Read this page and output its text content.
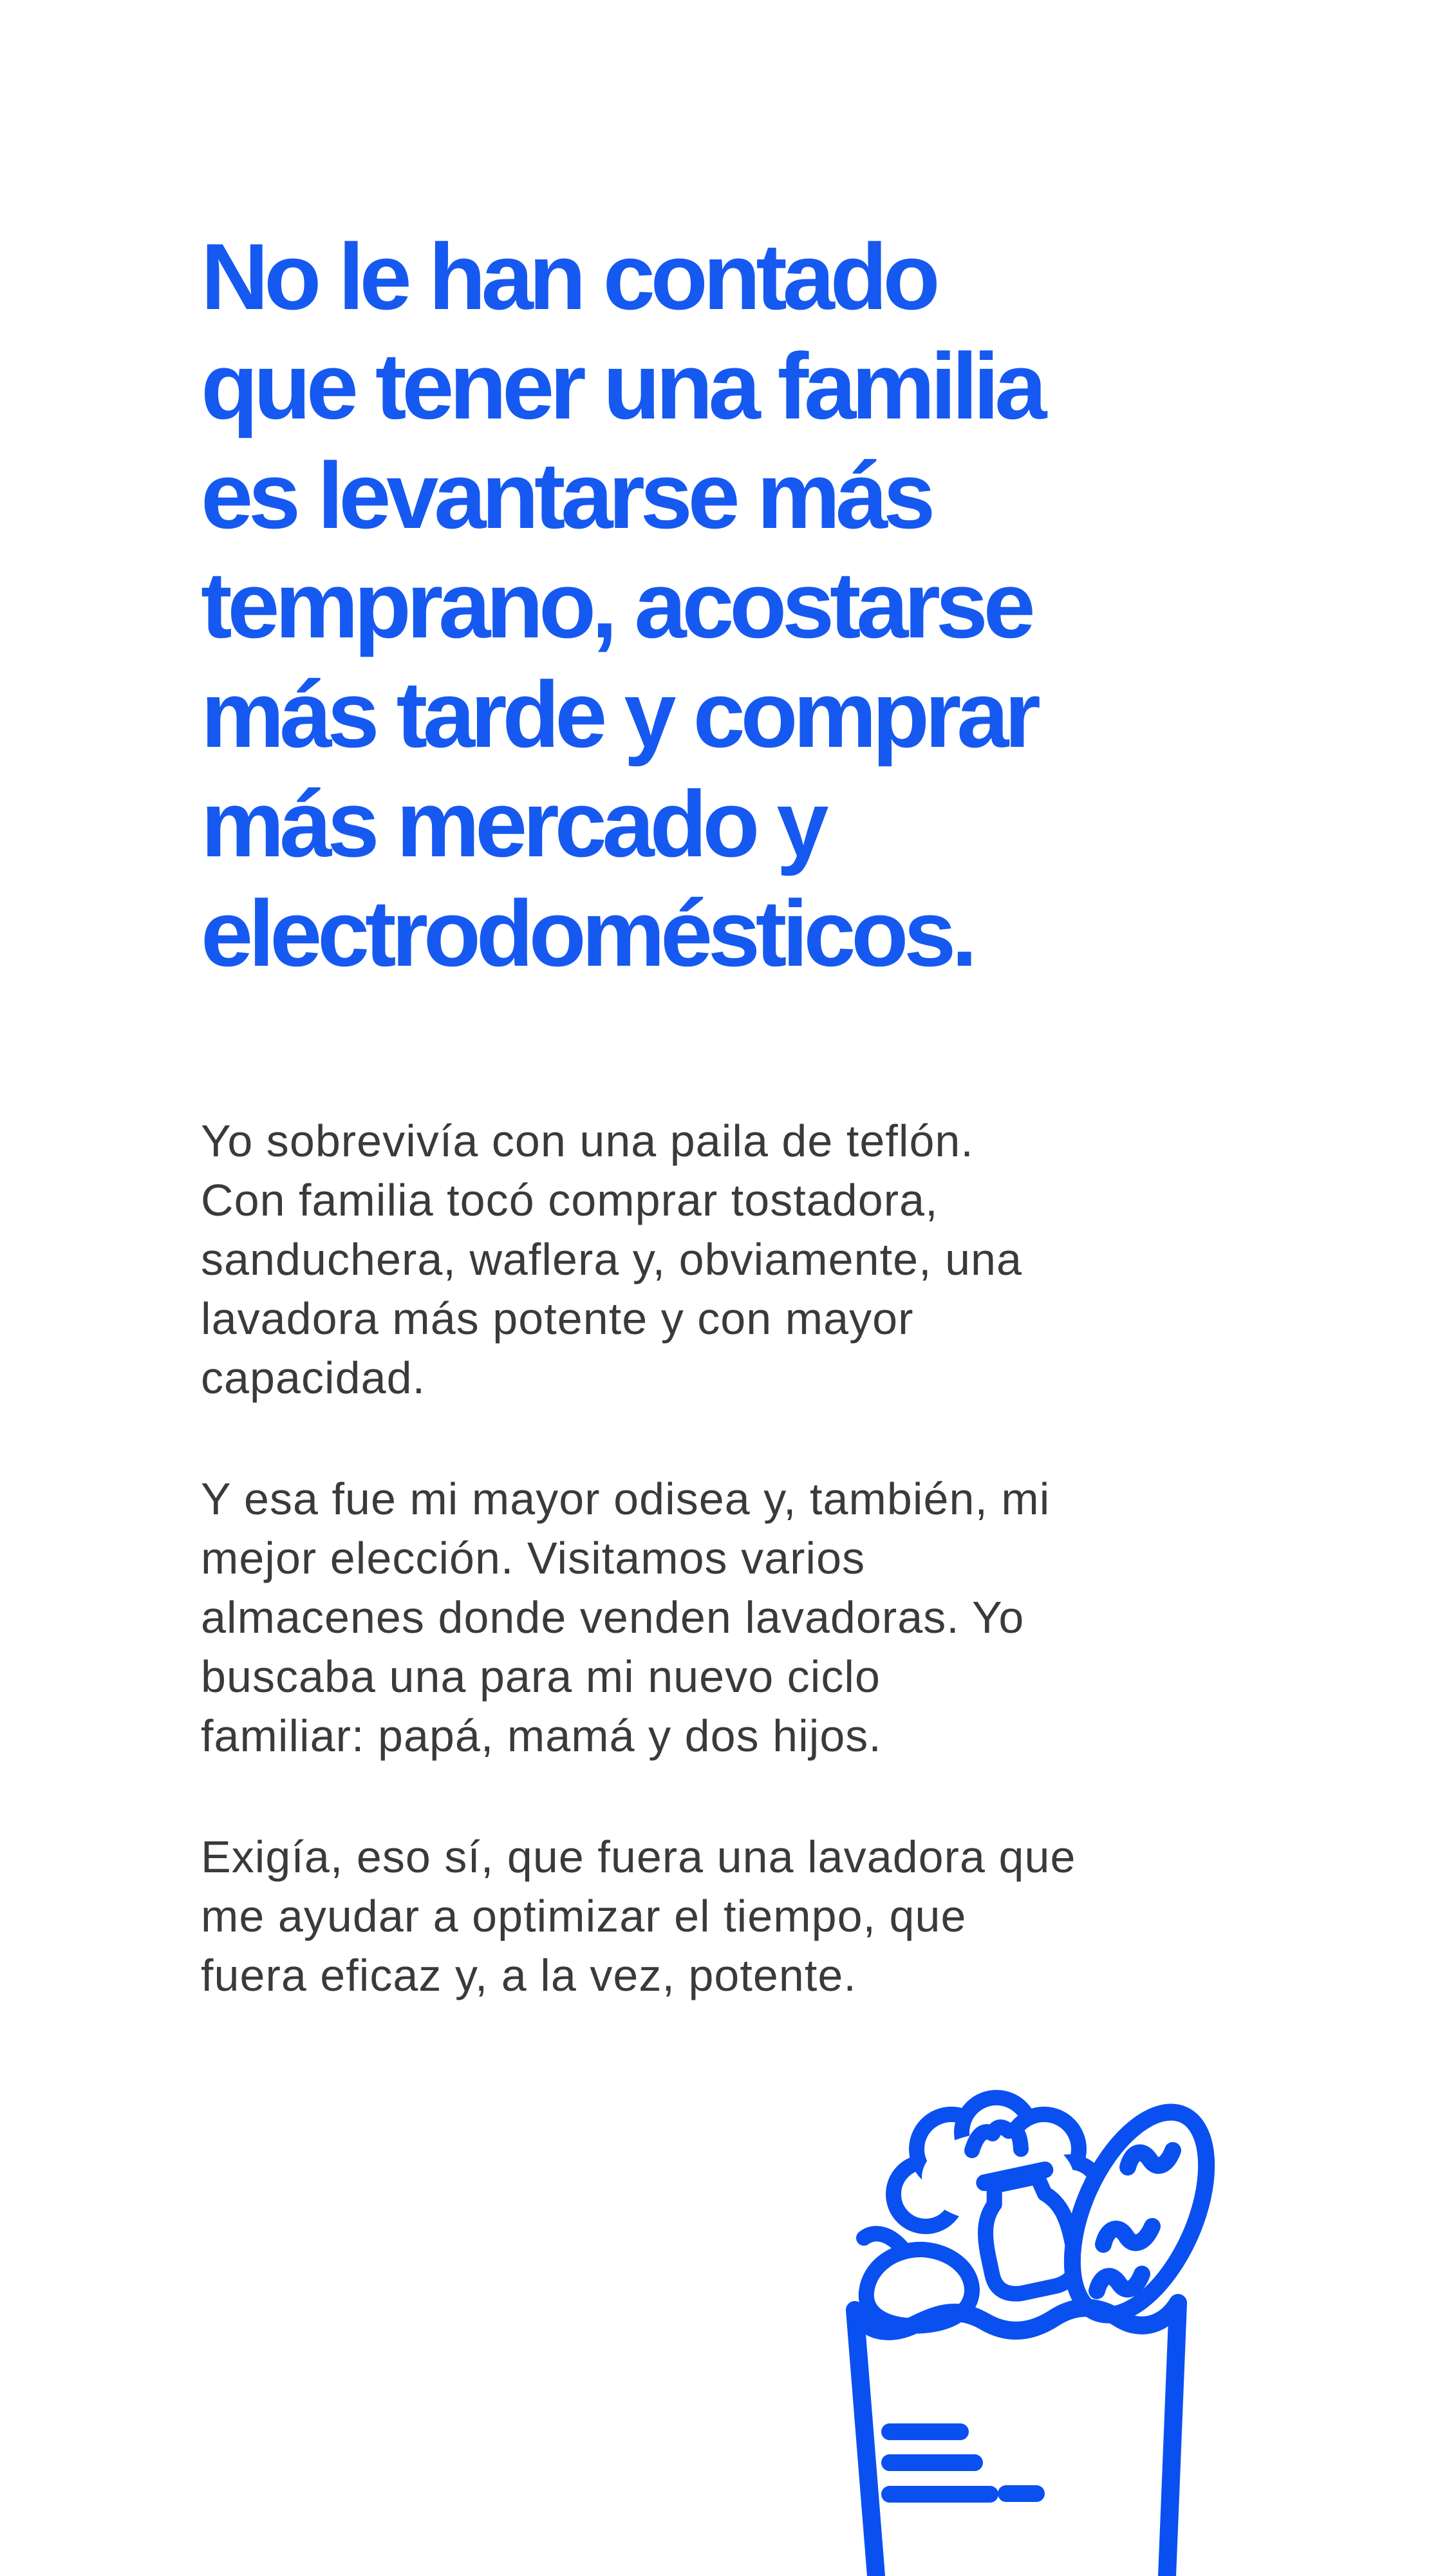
No le han contado
que tener una familia
es levantarse más
temprano, acostarse
más tarde y comprar
más mercado y
electrodomésticos.
Yo sobrevivía con una paila de teflón.
Con familia tocó comprar tostadora,
sanduchera, waflera y, obviamente, una
lavadora más potente y con mayor
capacidad.
Y esa fue mi mayor odisea y, también, mi
mejor elección. Visitamos varios
almacenes donde venden lavadoras. Yo
buscaba una para mi nuevo ciclo
familiar: papá, mamá y dos hijos.
Exigía, eso sí, que fuera una lavadora que
me ayudar a optimizar el tiempo, que
fuera eficaz y, a la vez, potente.
